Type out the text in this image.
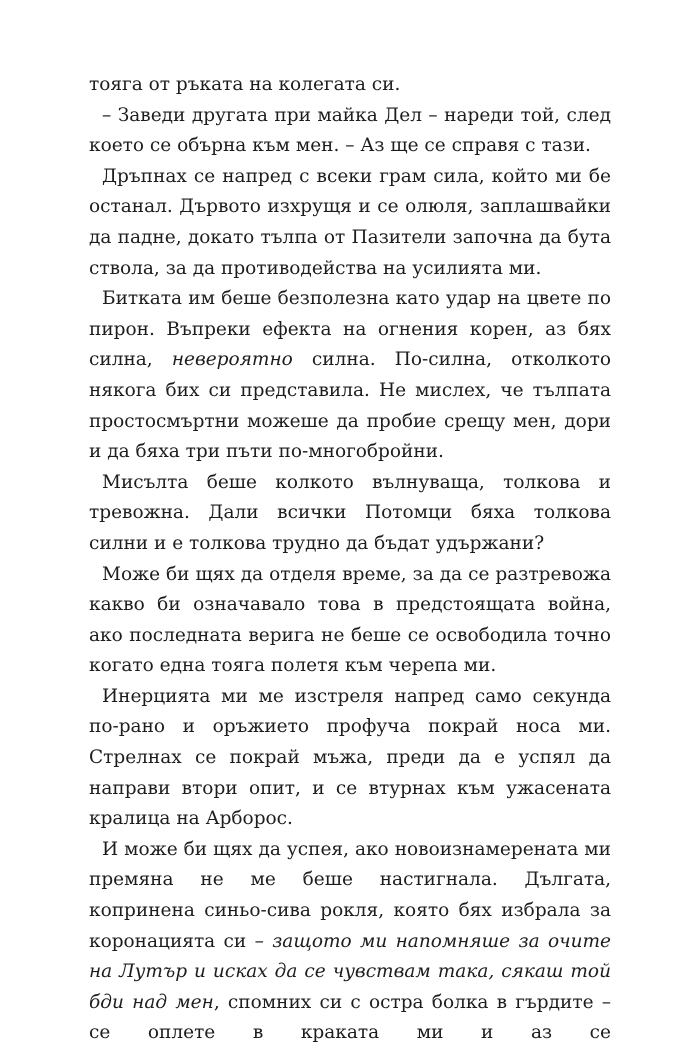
тояга от ръката на колегата си.

– Заведи другата при майка Дел – нареди той, след което се обърна към мен. – Аз ще се справя с тази.

Дръпнах се напред с всеки грам сила, който ми бе останал. Дървото изхрущя и се олюля, заплашвайки да падне, докато тълпа от Пазители започна да бута ствола, за да противодейства на усилията ми.

Битката им беше безполезна като удар на цвете по пирон. Въпреки ефекта на огнения корен, аз бях силна, невероятно силна. По-силна, отколкото някога бих си представила. Не мислех, че тълпата простосмъртни можеше да пробие срещу мен, дори и да бяха три пъти по-многобройни.

Мисълта беше колкото вълнуваща, толкова и тревожна. Дали всички Потомци бяха толкова силни и е толкова трудно да бъдат удържани?

Може би щях да отделя време, за да се разтревожа какво би означавало това в предстоящата война, ако последната верига не беше се освободила точно когато една тояга полетя към черепа ми.

Инерцията ми ме изстреля напред само секунда по-рано и оръжието профуча покрай носа ми. Стрелнах се покрай мъжа, преди да е успял да направи втори опит, и се втурнах към ужасената кралица на Арборос.

И може би щях да успея, ако новоизнамерената ми премяна не ме беше настигнала. Дългата, копринена синьо-сива рокля, която бях избрала за коронацията си – защото ми напомняше за очите на Лутър и исках да се чувствам така, сякаш той бди над мен, спомних си с остра болка в гърдите – се оплете в краката ми и аз се
